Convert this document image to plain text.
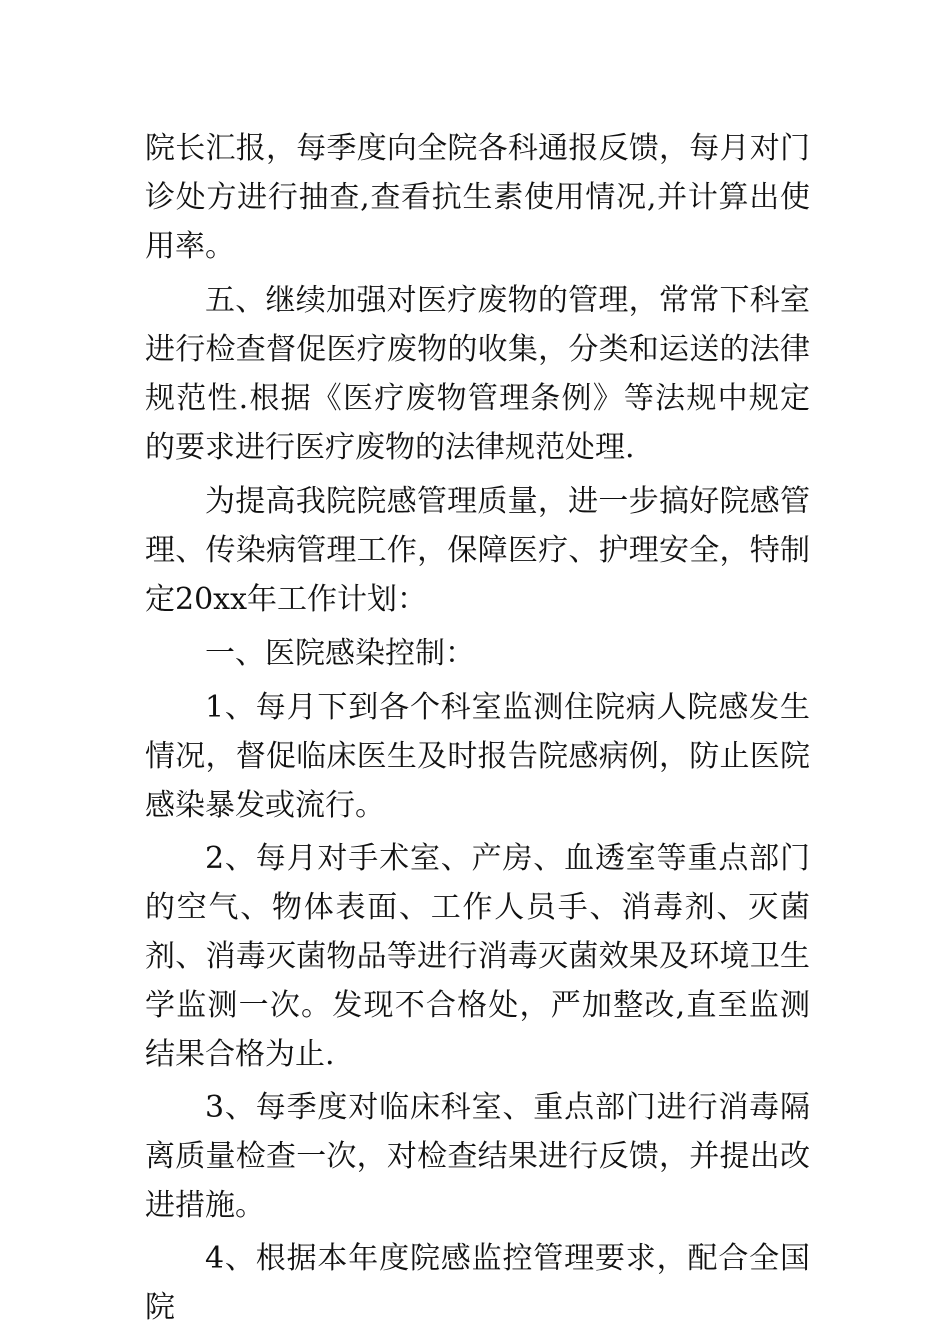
院长汇报，每季度向全院各科通报反馈，每月对门诊处方进行抽查,查看抗生素使用情况,并计算出使用率。

五、继续加强对医疗废物的管理，常常下科室进行检查督促医疗废物的收集，分类和运送的法律规范性.根据《医疗废物管理条例》等法规中规定的要求进行医疗废物的法律规范处理.

为提高我院院感管理质量，进一步搞好院感管理、传染病管理工作，保障医疗、护理安全，特制定20xx年工作计划：

一、医院感染控制：

1、每月下到各个科室监测住院病人院感发生情况，督促临床医生及时报告院感病例，防止医院感染暴发或流行。

2、每月对手术室、产房、血透室等重点部门的空气、物体表面、工作人员手、消毒剂、灭菌剂、消毒灭菌物品等进行消毒灭菌效果及环境卫生学监测一次。发现不合格处，严加整改,直至监测结果合格为止.

3、每季度对临床科室、重点部门进行消毒隔离质量检查一次，对检查结果进行反馈，并提出改进措施。

4、根据本年度院感监控管理要求，配合全国院
